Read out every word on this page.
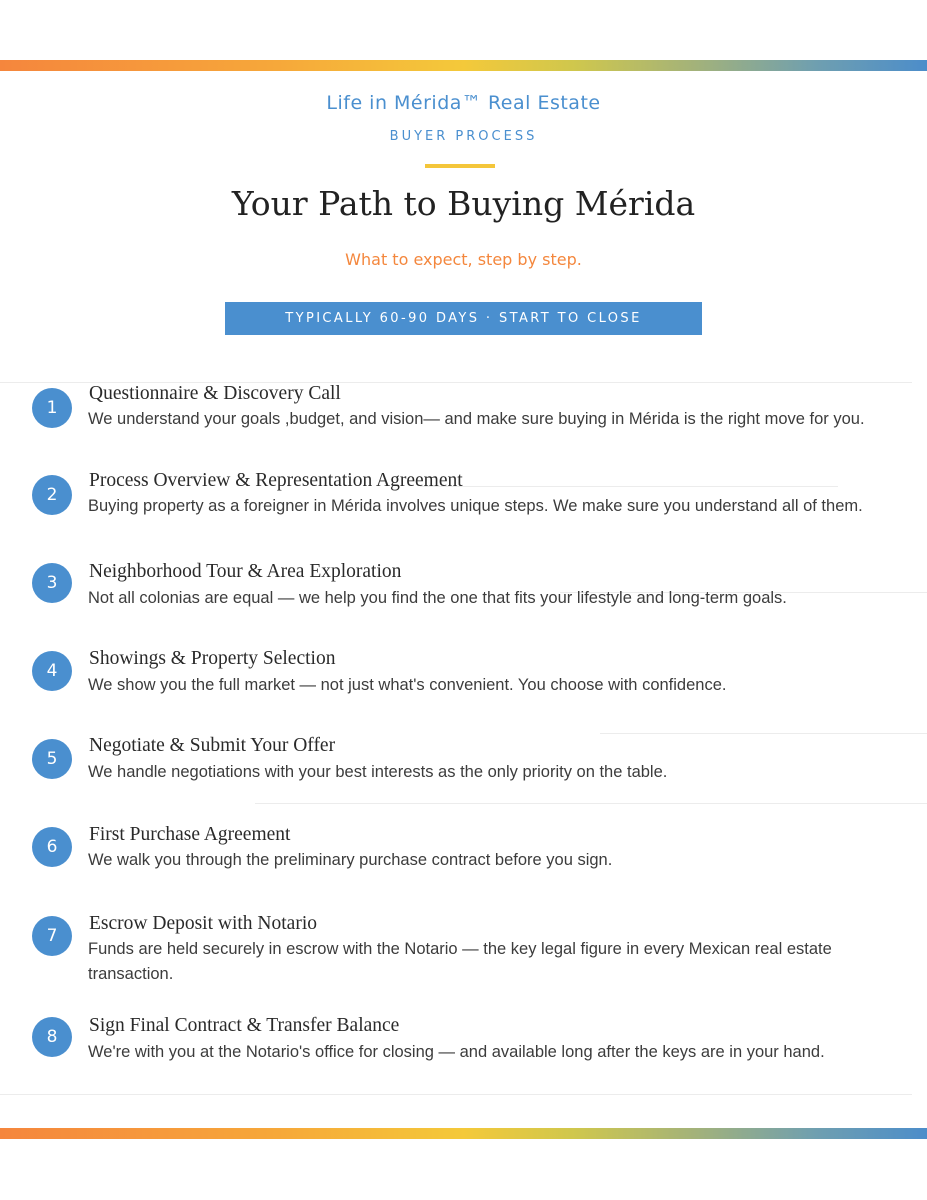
Life in Mérida™ Real Estate
BUYER PROCESS
Your Path to Buying Mérida
What to expect, step by step.
TYPICALLY 60-90 DAYS · START TO CLOSE
1
Questionnaire & Discovery Call
We understand your goals ,budget, and vision— and make sure buying in Mérida is the right move for you.
2
Process Overview & Representation Agreement
Buying property as a foreigner in Mérida involves unique steps. We make sure you understand all of them.
3
Neighborhood Tour & Area Exploration
Not all colonias are equal — we help you find the one that fits your lifestyle and long-term goals.
4
Showings & Property Selection
We show you the full market — not just what's convenient. You choose with confidence.
5
Negotiate & Submit Your Offer
We handle negotiations with your best interests as the only priority on the table.
6
First Purchase Agreement
We walk you through the preliminary purchase contract before you sign.
7
Escrow Deposit with Notario
Funds are held securely in escrow with the Notario — the key legal figure in every Mexican real estate transaction.
8
Sign Final Contract & Transfer Balance
We're with you at the Notario's office for closing — and available long after the keys are in your hand.
